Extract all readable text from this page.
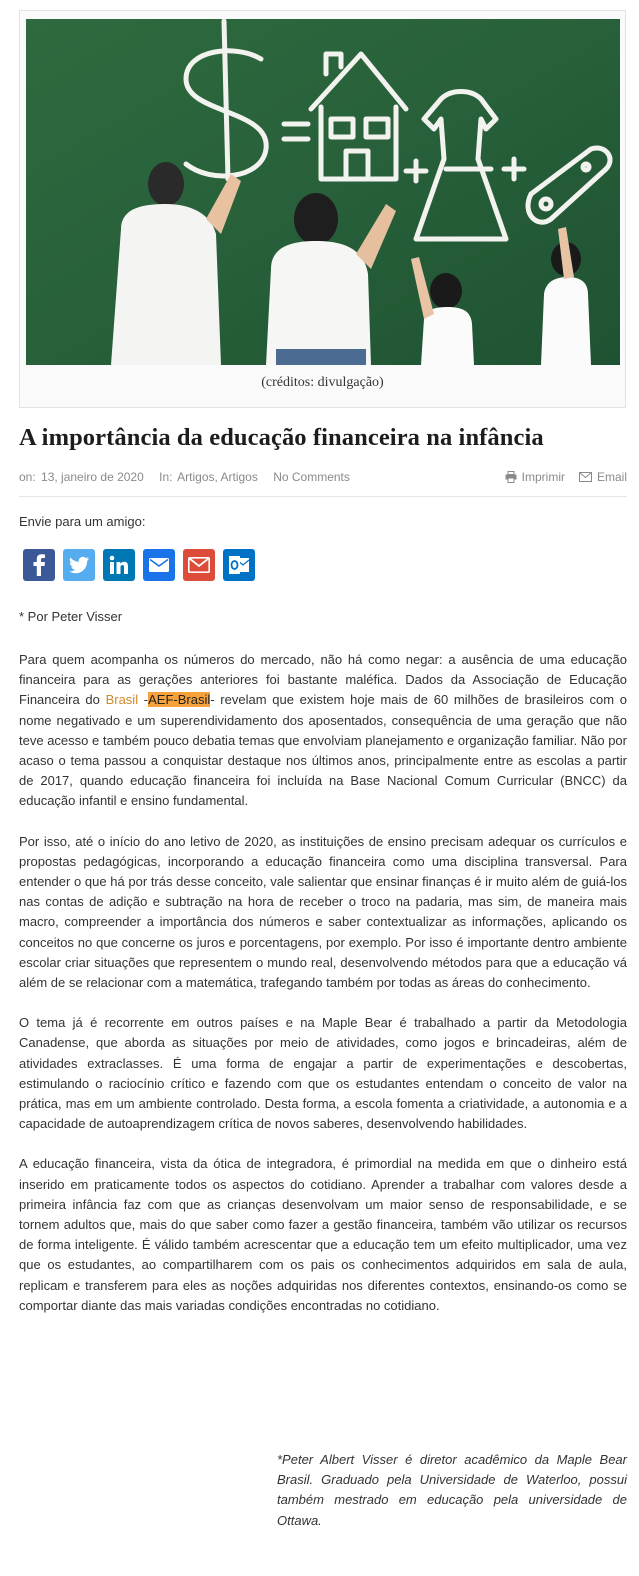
(créditos: divulgação)
A importância da educação financeira na infância
on: 13, janeiro de 2020 In: Artigos, Artigos No Comments	Imprimir	Email
Envie para um amigo:
* Por Peter Visser

Para quem acompanha os números do mercado, não há como negar: a ausência de uma educação financeira para as gerações anteriores foi bastante maléfica. Dados da Associação de Educação Financeira do Brasil -AEF-Brasil- revelam que existem hoje mais de 60 milhões de brasileiros com o nome negativado e um superendividamento dos aposentados, consequência de uma geração que não teve acesso e também pouco debatia temas que envolviam planejamento e organização familiar. Não por acaso o tema passou a conquistar destaque nos últimos anos, principalmente entre as escolas a partir de 2017, quando educação financeira foi incluída na Base Nacional Comum Curricular (BNCC) da educação infantil e ensino fundamental.

Por isso, até o início do ano letivo de 2020, as instituições de ensino precisam adequar os currículos e propostas pedagógicas, incorporando a educação financeira como uma disciplina transversal. Para entender o que há por trás desse conceito, vale salientar que ensinar finanças é ir muito além de guiá-los nas contas de adição e subtração na hora de receber o troco na padaria, mas sim, de maneira mais macro, compreender a importância dos números e saber contextualizar as informações, aplicando os conceitos no que concerne os juros e porcentagens, por exemplo. Por isso é importante dentro ambiente escolar criar situações que representem o mundo real, desenvolvendo métodos para que a educação vá além de se relacionar com a matemática, trafegando também por todas as áreas do conhecimento.

O tema já é recorrente em outros países e na Maple Bear é trabalhado a partir da Metodologia Canadense, que aborda as situações por meio de atividades, como jogos e brincadeiras, além de atividades extraclasses. É uma forma de engajar a partir de experimentações e descobertas, estimulando o raciocínio crítico e fazendo com que os estudantes entendam o conceito de valor na prática, mas em um ambiente controlado. Desta forma, a escola fomenta a criatividade, a autonomia e a capacidade de autoaprendizagem crítica de novos saberes, desenvolvendo habilidades.

A educação financeira, vista da ótica de integradora, é primordial na medida em que o dinheiro está inserido em praticamente todos os aspectos do cotidiano. Aprender a trabalhar com valores desde a primeira infância faz com que as crianças desenvolvam um maior senso de responsabilidade, e se tornem adultos que, mais do que saber como fazer a gestão financeira, também vão utilizar os recursos de forma inteligente. É válido também acrescentar que a educação tem um efeito multiplicador, uma vez que os estudantes, ao compartilharem com os pais os conhecimentos adquiridos em sala de aula, replicam e transferem para eles as noções adquiridas nos diferentes contextos, ensinando-os como se comportar diante das mais variadas condições encontradas no cotidiano.

*Peter Albert Visser é diretor acadêmico da Maple Bear Brasil. Graduado pela Universidade de Waterloo, possui também mestrado em educação pela universidade de Ottawa.
